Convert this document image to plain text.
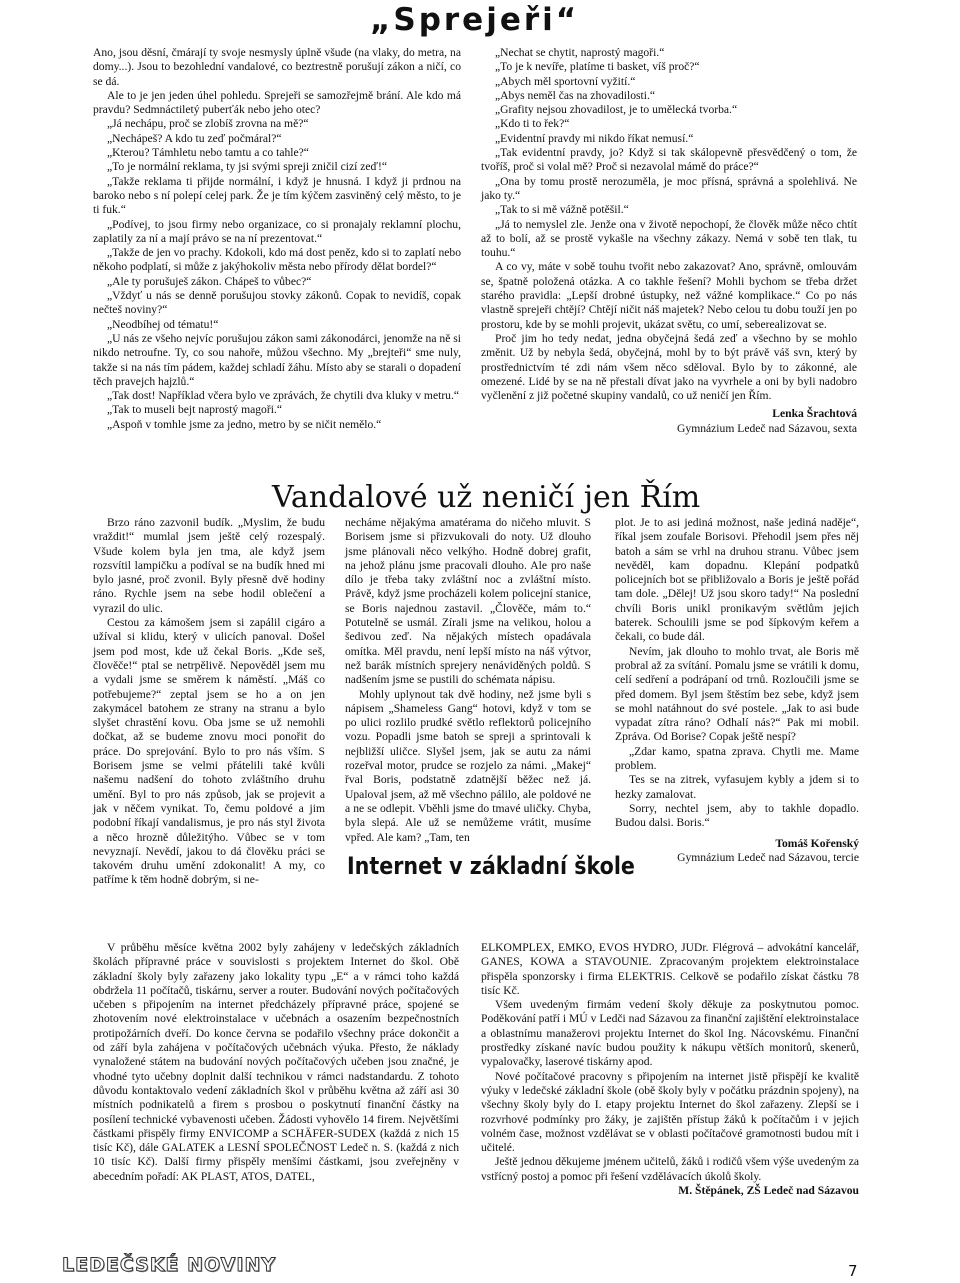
„Sprejeři“

Ano, jsou děsní, čmárají ty svoje nesmysly úplně všude (na vlaky, do metra, na domy...). Jsou to bezohlední vandalové, co beztrestně porušují zákon a ničí, co se dá.

Ale to je jen jeden úhel pohledu. Sprejeři se samozřejmě brání. Ale kdo má pravdu? Sedmnáctiletý puberťák nebo jeho otec?

„Já nechápu, proč se zlobíš zrovna na mě?“

„Nechápeš? A kdo tu zeď počmáral?“

„Kterou? Támhletu nebo tamtu a co tahle?“

„To je normální reklama, ty jsi svými spreji zničil cizí zeď!“

„Takže reklama ti přijde normální, i když je hnusná. I když ji prdnou na baroko nebo s ní polepí celej park. Že je tím kýčem zasviněný celý město, to je ti fuk.“

„Podívej, to jsou firmy nebo organizace, co si pronajaly reklamní plochu, zaplatily za ní a mají právo se na ní prezentovat.“

„Takže de jen vo prachy. Kdokoli, kdo má dost peněz, kdo si to zaplatí nebo někoho podplatí, si může z jakýhokoliv města nebo přírody dělat bordel?“

„Ale ty porušuješ zákon. Chápeš to vůbec?“

„Vždyť u nás se denně porušujou stovky zákonů. Copak to nevidíš, copak nečteš noviny?“

„Neodbíhej od tématu!“

„U nás ze všeho nejvíc porušujou zákon sami zákonodárci, jenomže na ně si nikdo netroufne. Ty, co sou nahoře, můžou všechno. My „brejteři“ sme nuly, takže si na nás tím pádem, každej schladí žáhu. Místo aby se starali o dopadení těch pravejch hajzlů.“

„Tak dost! Například včera bylo ve zprávách, že chytili dva kluky v metru.“

„Tak to museli bejt naprostý magoři.“

„Aspoň v tomhle jsme za jedno, metro by se ničit nemělo.“

„Nechat se chytit, naprostý magoři.“

„To je k nevíře, platíme ti basket, víš proč?“

„Abych měl sportovní vyžití.“

„Abys neměl čas na zhovadilosti.“

„Grafity nejsou zhovadilost, je to umělecká tvorba.“

„Kdo ti to řek?“

„Evidentní pravdy mi nikdo říkat nemusí.“

„Tak evidentní pravdy, jo? Když si tak skálopevně přesvědčený o tom, že tvoříš, proč si volal mě? Proč si nezavolal mámě do práce?“

„Ona by tomu prostě nerozuměla, je moc přísná, správná a spolehlivá. Ne jako ty.“

„Tak to si mě vážně potěšil.“

„Já to nemyslel zle. Jenže ona v životě nepochopí, že člověk může něco chtít až to bolí, až se prostě vykašle na všechny zákazy. Nemá v sobě ten tlak, tu touhu.“

A co vy, máte v sobě touhu tvořit nebo zakazovat? Ano, správně, omlouvám se, špatně položená otázka. A co takhle řešení? Mohli bychom se třeba držet starého pravidla: „Lepší drobné ústupky, než vážné komplikace.“ Co po nás vlastně sprejeři chtějí? Chtějí ničit náš majetek? Nebo celou tu dobu touží jen po prostoru, kde by se mohli projevit, ukázat světu, co umí, seberealizovat se.

Proč jim ho tedy nedat, jedna obyčejná šedá zeď a všechno by se mohlo změnit. Už by nebyla šedá, obyčejná, mohl by to být právě váš svn, který by prostřednictvím té zdi nám všem něco sděloval. Bylo by to zákonné, ale omezené. Lidé by se na ně přestali dívat jako na vyvrhele a oni by byli nadobro vyčlenění z již početné skupiny vandalů, co už neničí jen Řím.

Lenka Šrachtová
Gymnázium Ledeč nad Sázavou, sexta

Vandalové už neničí jen Řím

Brzo ráno zazvonil budík. „Myslim, že budu vraždit!“ mumlal jsem ještě celý rozespalý. Všude kolem byla jen tma, ale když jsem rozsvítil lampičku a podíval se na budík hned mi bylo jasné, proč zvonil. Byly přesně dvě hodiny ráno. Rychle jsem na sebe hodil oblečení a vyrazil do ulic.

Cestou za kámošem jsem si zapálil cigáro a užíval si klidu, který v ulicích panoval. Došel jsem pod most, kde už čekal Boris. „Kde seš, člověče!“ ptal se netrpělivě. Nepověděl jsem mu a vydali jsme se směrem k náměstí. „Máš co potřebujeme?“ zeptal jsem se ho a on jen zakymácel batohem ze strany na stranu a bylo slyšet chrastění kovu. Oba jsme se už nemohli dočkat, až se budeme znovu moci ponořit do práce. Do sprejování. Bylo to pro nás vším. S Borisem jsme se velmi přátelili také kvůli našemu nadšení do tohoto zvláštního druhu umění. Byl to pro nás způsob, jak se projevit a jak v něčem vynikat. To, čemu poldové a jim podobní říkají vandalismus, je pro nás styl života a něco hrozně důležitýho. Vůbec se v tom nevyznají. Nevědí, jakou to dá člověku práci se takovém druhu umění zdokonalit! A my, co patříme k těm hodně dobrým, si ne-

necháme nějakýma amatérama do ničeho mluvit. S Borisem jsme si přizvukovali do noty. Už dlouho jsme plánovali něco velkýho. Hodně dobrej grafit, na jehož plánu jsme pracovali dlouho. Ale pro naše dílo je třeba taky zvláštní noc a zvláštní místo. Právě, když jsme procházeli kolem policejní stanice, se Boris najednou zastavil. „Člověče, mám to.“ Potutelně se usmál. Zírali jsme na velikou, holou a šedivou zeď. Na nějakých místech opadávala omítka. Měl pravdu, není lepší místo na náš výtvor, než barák místních sprejery nenáviděných poldů. S nadšením jsme se pustili do schémata nápisu.

Mohly uplynout tak dvě hodiny, než jsme byli s nápisem „Shameless Gang“ hotovi, když v tom se po ulici rozlilo prudké světlo reflektorů policejního vozu. Popadli jsme batoh se spreji a sprintovali k nejbližší uličce. Slyšel jsem, jak se autu za námi rozeřval motor, prudce se rozjelo za námi. „Makej“ řval Boris, podstatně zdatnější běžec než já. Upaloval jsem, až mě všechno pálilo, ale poldové ne a ne se odlepit. Vběhli jsme do tmavé uličky. Chyba, byla slepá. Ale už se nemůžeme vrátit, musíme vpřed. Ale kam? „Tam, ten

plot. Je to asi jediná možnost, naše jediná naděje“, říkal jsem zoufale Borisovi. Přehodil jsem přes něj batoh a sám se vrhl na druhou stranu. Vůbec jsem nevěděl, kam dopadnu. Klepání podpatků policejních bot se přibližovalo a Boris je ještě pořád tam dole. „Dělej! Už jsou skoro tady!“ Na poslední chvíli Boris unikl pronikavým světlům jejich baterek. Schoulili jsme se pod šípkovým keřem a čekali, co bude dál.

Nevím, jak dlouho to mohlo trvat, ale Boris mě probral až za svítání. Pomalu jsme se vrátili k domu, celí sedření a podrápaní od trnů. Rozloučili jsme se před domem. Byl jsem štěstím bez sebe, když jsem se mohl natáhnout do své postele. „Jak to asi bude vypadat zítra ráno? Odhalí nás?“ Pak mi mobil. Zpráva. Od Borise? Copak ještě nespí?

„Zdar kamo, spatna zprava. Chytli me. Mame problem.

Tes se na zitrek, vyfasujem kybly a jdem si to hezky zamalovat.

Sorry, nechtel jsem, aby to takhle dopadlo. Budou dalsi. Boris.“

Tomáš Kořenský
Gymnázium Ledeč nad Sázavou, tercie

Internet v základní škole

V průběhu měsíce května 2002 byly zahájeny v ledečských základních školách přípravné práce v souvislosti s projektem Internet do škol. Obě základní školy byly zařazeny jako lokality typu „E“ a v rámci toho každá obdržela 11 počítačů, tiskárnu, server a router. Budování nových počítačových učeben s připojením na internet předcházely přípravné práce, spojené se zhotovením nové elektroinstalace v učebnách a osazením bezpečnostních protipožárních dveří. Do konce června se podařilo všechny práce dokončit a od září byla zahájena v počítačových učebnách výuka. Přesto, že náklady vynaložené státem na budování nových počítačových učeben jsou značné, je vhodné tyto učebny doplnit další technikou v rámci nadstandardu. Z tohoto důvodu kontaktovalo vedení základních škol v průběhu května až září asi 30 místních podnikatelů a firem s prosbou o poskytnutí finanční částky na posílení technické vybavenosti učeben. Žádosti vyhovělo 14 firem. Největšími částkami přispěly firmy ENVICOMP a SCHÄFER-SUDEX (každá z nich 15 tisíc Kč), dále GALATEK a LESNÍ SPOLEČNOST Ledeč n. S. (každá z nich 10 tisíc Kč). Další firmy přispěly menšími částkami, jsou zveřejněny v abecedním pořadí: AK PLAST, ATOS, DATEL,

ELKOMPLEX, EMKO, EVOS HYDRO, JUDr. Flégrová – advokátní kancelář, GANES, KOWA a STAVOUNIE. Zpracovaným projektem elektroinstalace přispěla sponzorsky i firma ELEKTRIS. Celkově se podařilo získat částku 78 tisíc Kč.

Všem uvedeným firmám vedení školy děkuje za poskytnutou pomoc. Poděkování patří i MÚ v Ledči nad Sázavou za finanční zajištění elektroinstalace a oblastnímu manažerovi projektu Internet do škol Ing. Nácovskému. Finanční prostředky získané navíc budou použity k nákupu větších monitorů, skenerů, vypalovačky, laserové tiskárny apod.

Nové počítačové pracovny s připojením na internet jistě přispějí ke kvalitě výuky v ledečské základní škole (obě školy byly v počátku prázdnin spojeny), na všechny školy byly do I. etapy projektu Internet do škol zařazeny. Zlepší se i rozvrhové podmínky pro žáky, je zajištěn přístup žáků k počítačům i v jejich volném čase, možnost vzdělávat se v oblasti počítačové gramotnosti budou mít i učitelé.

Ještě jednou děkujeme jménem učitelů, žáků i rodičů všem výše uvedeným za vstřícný postoj a pomoc při řešení vzdělávacích úkolů školy.

M. Štěpánek, ZŠ Ledeč nad Sázavou

LEDEČSKÉ NOVINY	7
